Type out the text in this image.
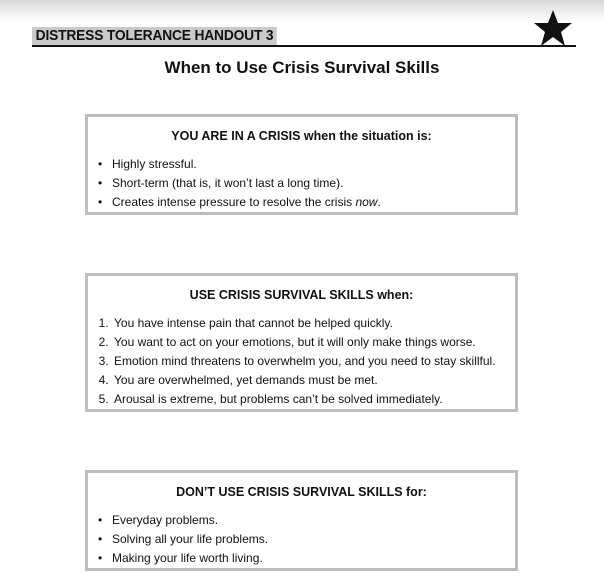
DISTRESS TOLERANCE HANDOUT 3
When to Use Crisis Survival Skills
YOU ARE IN A CRISIS when the situation is:
• Highly stressful.
• Short-term (that is, it won’t last a long time).
• Creates intense pressure to resolve the crisis now.
USE CRISIS SURVIVAL SKILLS when:
1. You have intense pain that cannot be helped quickly.
2. You want to act on your emotions, but it will only make things worse.
3. Emotion mind threatens to overwhelm you, and you need to stay skillful.
4. You are overwhelmed, yet demands must be met.
5. Arousal is extreme, but problems can’t be solved immediately.
DON’T USE CRISIS SURVIVAL SKILLS for:
• Everyday problems.
• Solving all your life problems.
• Making your life worth living.
